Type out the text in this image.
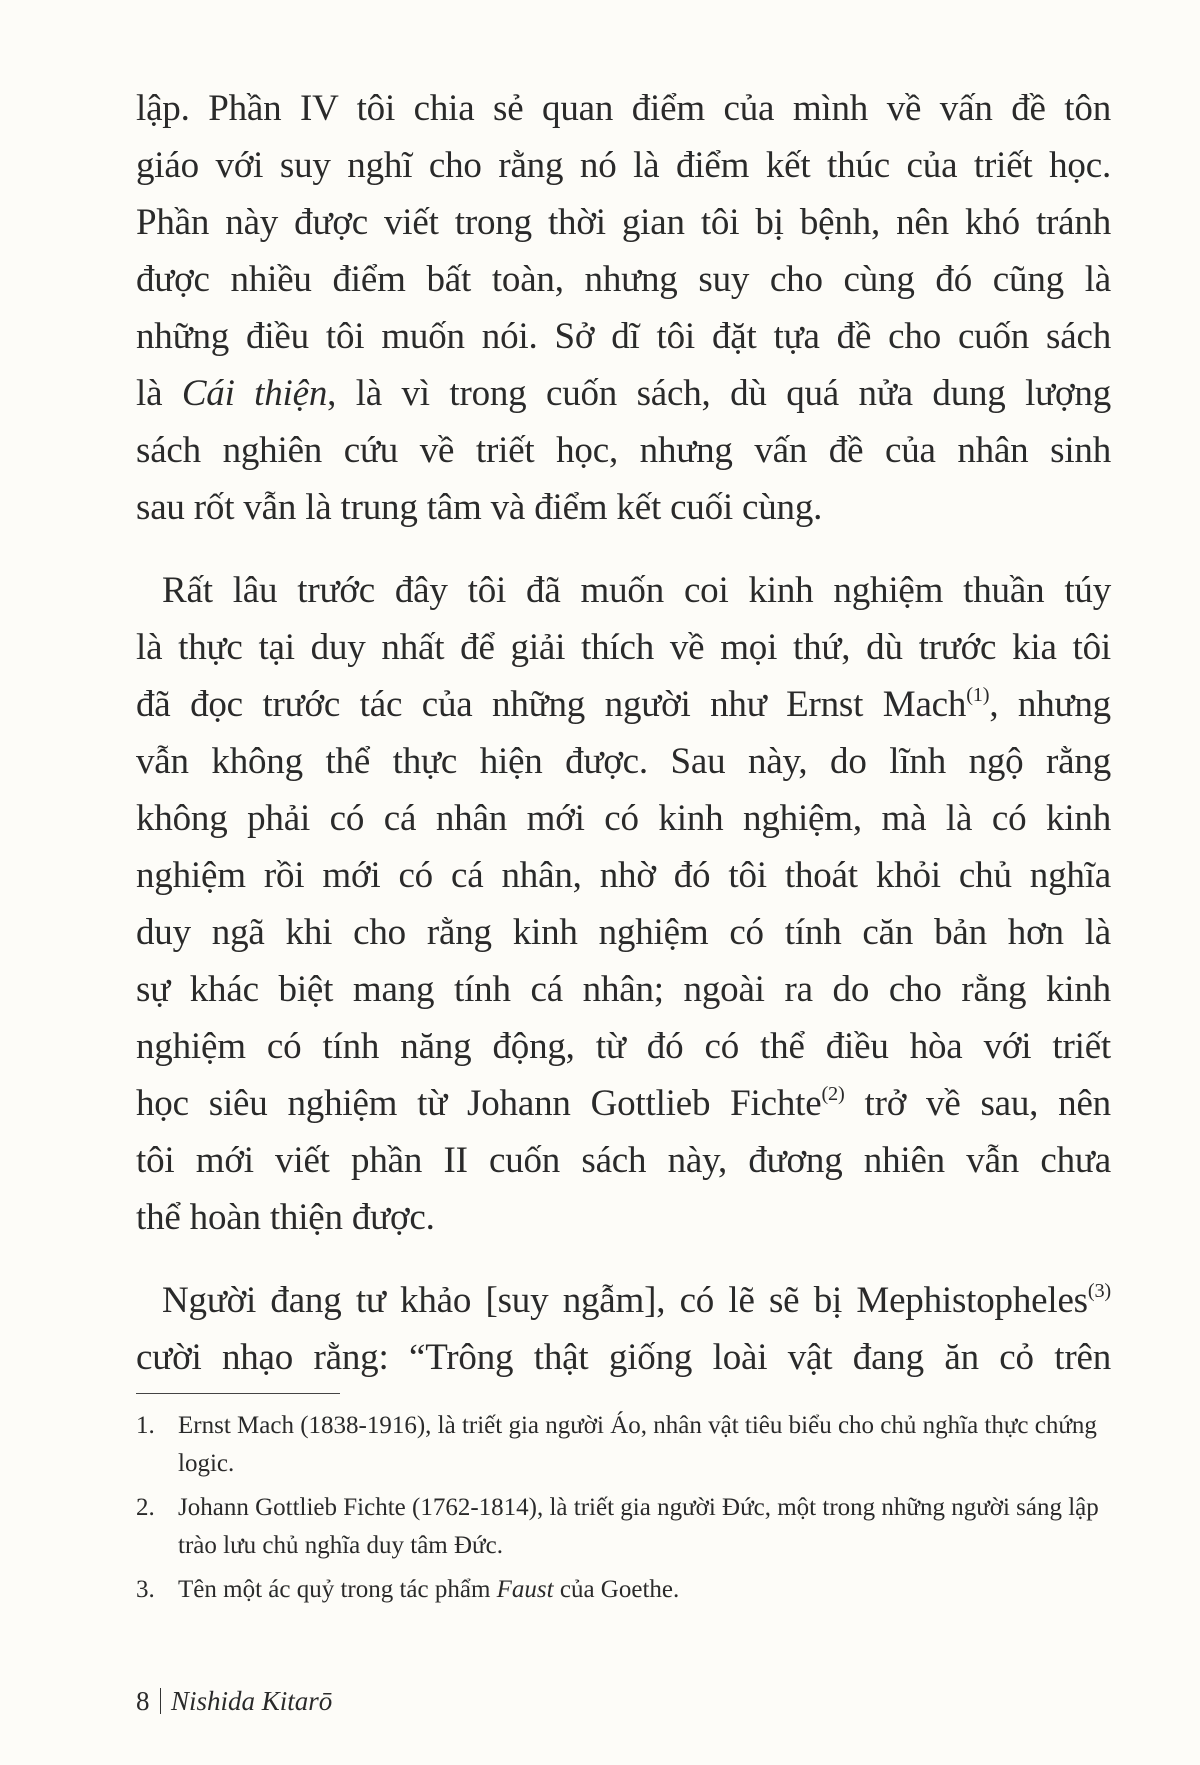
lập. Phần IV tôi chia sẻ quan điểm của mình về vấn đề tôn
giáo với suy nghĩ cho rằng nó là điểm kết thúc của triết học.
Phần này được viết trong thời gian tôi bị bệnh, nên khó tránh
được nhiều điểm bất toàn, nhưng suy cho cùng đó cũng là
những điều tôi muốn nói. Sở dĩ tôi đặt tựa đề cho cuốn sách
là Cái thiện, là vì trong cuốn sách, dù quá nửa dung lượng
sách nghiên cứu về triết học, nhưng vấn đề của nhân sinh
sau rốt vẫn là trung tâm và điểm kết cuối cùng.
Rất lâu trước đây tôi đã muốn coi kinh nghiệm thuần túy
là thực tại duy nhất để giải thích về mọi thứ, dù trước kia tôi
đã đọc trước tác của những người như Ernst Mach$^{(1)}$, nhưng
vẫn không thể thực hiện được. Sau này, do lĩnh ngộ rằng
không phải có cá nhân mới có kinh nghiệm, mà là có kinh
nghiệm rồi mới có cá nhân, nhờ đó tôi thoát khỏi chủ nghĩa
duy ngã khi cho rằng kinh nghiệm có tính căn bản hơn là
sự khác biệt mang tính cá nhân; ngoài ra do cho rằng kinh
nghiệm có tính năng động, từ đó có thể điều hòa với triết
học siêu nghiệm từ Johann Gottlieb Fichte$^{(2)}$ trở về sau, nên
tôi mới viết phần II cuốn sách này, đương nhiên vẫn chưa
thể hoàn thiện được.
Người đang tư khảo [suy ngẫm], có lẽ sẽ bị Mephistopheles$^{(3)}$
cười nhạo rằng: “Trông thật giống loài vật đang ăn cỏ trên
1. Ernst Mach (1838-1916), là triết gia người Áo, nhân vật tiêu biểu cho chủ nghĩa thực chứng logic.
2. Johann Gottlieb Fichte (1762-1814), là triết gia người Đức, một trong những người sáng lập trào lưu chủ nghĩa duy tâm Đức.
3. Tên một ác quỷ trong tác phẩm Faust của Goethe.
8 Nishida Kitarō
